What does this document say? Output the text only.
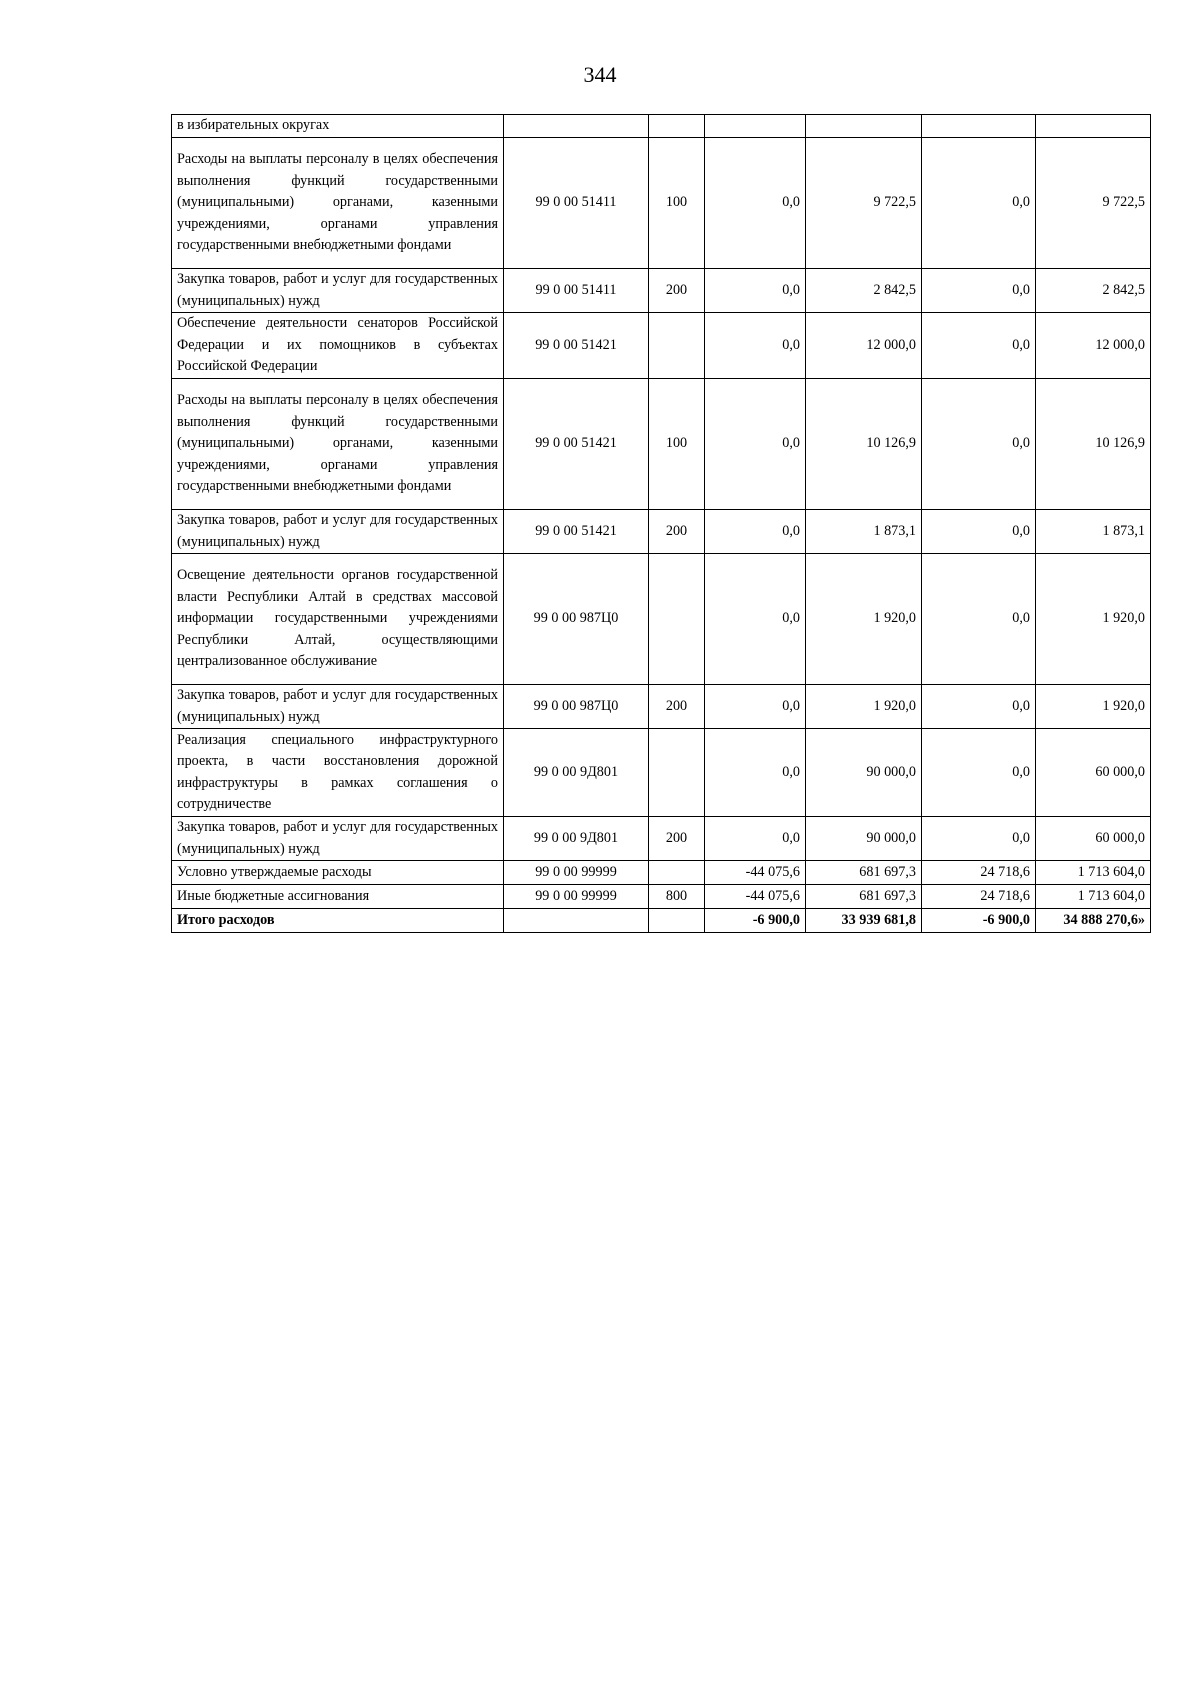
344
в избирательных округах						
Расходы на выплаты персоналу в целях обеспечения выполнения функций государственными (муниципальными) органами, казенными учреждениями, органами управления государственными внебюджетными фондами	99 0 00 51411	100	0,0	9 722,5	0,0	9 722,5
Закупка товаров, работ и услуг для государственных (муниципальных) нужд	99 0 00 51411	200	0,0	2 842,5	0,0	2 842,5
Обеспечение деятельности сенаторов Российской Федерации и их помощников в субъектах Российской Федерации	99 0 00 51421		0,0	12 000,0	0,0	12 000,0
Расходы на выплаты персоналу в целях обеспечения выполнения функций государственными (муниципальными) органами, казенными учреждениями, органами управления государственными внебюджетными фондами	99 0 00 51421	100	0,0	10 126,9	0,0	10 126,9
Закупка товаров, работ и услуг для государственных (муниципальных) нужд	99 0 00 51421	200	0,0	1 873,1	0,0	1 873,1
Освещение деятельности органов государственной власти Республики Алтай в средствах массовой информации государственными учреждениями Республики Алтай, осуществляющими централизованное обслуживание	99 0 00 987Ц0		0,0	1 920,0	0,0	1 920,0
Закупка товаров, работ и услуг для государственных (муниципальных) нужд	99 0 00 987Ц0	200	0,0	1 920,0	0,0	1 920,0
Реализация специального инфраструктурного проекта, в части восстановления дорожной инфраструктуры в рамках соглашения о сотрудничестве	99 0 00 9Д801		0,0	90 000,0	0,0	60 000,0
Закупка товаров, работ и услуг для государственных (муниципальных) нужд	99 0 00 9Д801	200	0,0	90 000,0	0,0	60 000,0
Условно утверждаемые расходы	99 0 00 99999		-44 075,6	681 697,3	24 718,6	1 713 604,0
Иные бюджетные ассигнования	99 0 00 99999	800	-44 075,6	681 697,3	24 718,6	1 713 604,0
Итого расходов			-6 900,0	33 939 681,8	-6 900,0	34 888 270,6»
